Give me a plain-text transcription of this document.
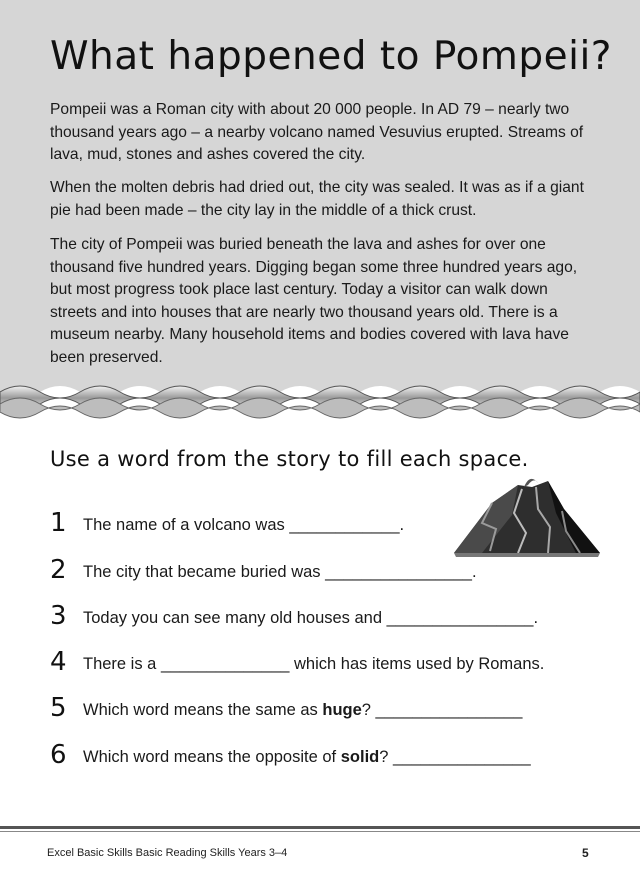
What happened to Pompeii?

Pompeii was a Roman city with about 20 000 people. In AD 79 – nearly two thousand years ago – a nearby volcano named Vesuvius erupted. Streams of lava, mud, stones and ashes covered the city.

When the molten debris had dried out, the city was sealed. It was as if a giant pie had been made – the city lay in the middle of a thick crust.

The city of Pompeii was buried beneath the lava and ashes for over one thousand five hundred years. Digging began some three hundred years ago, but most progress took place last century. Today a visitor can walk down streets and into houses that are nearly two thousand years old. There is a museum nearby. Many household items and bodies covered with lava have been preserved.

Use a word from the story to fill each space.
1 The name of a volcano was ____________.
2 The city that became buried was ________________.
3 Today you can see many old houses and ________________.
4 There is a ______________ which has items used by Romans.
5 Which word means the same as huge? ________________
6 Which word means the opposite of solid? _______________
Excel Basic Skills Basic Reading Skills Years 3–4	5
